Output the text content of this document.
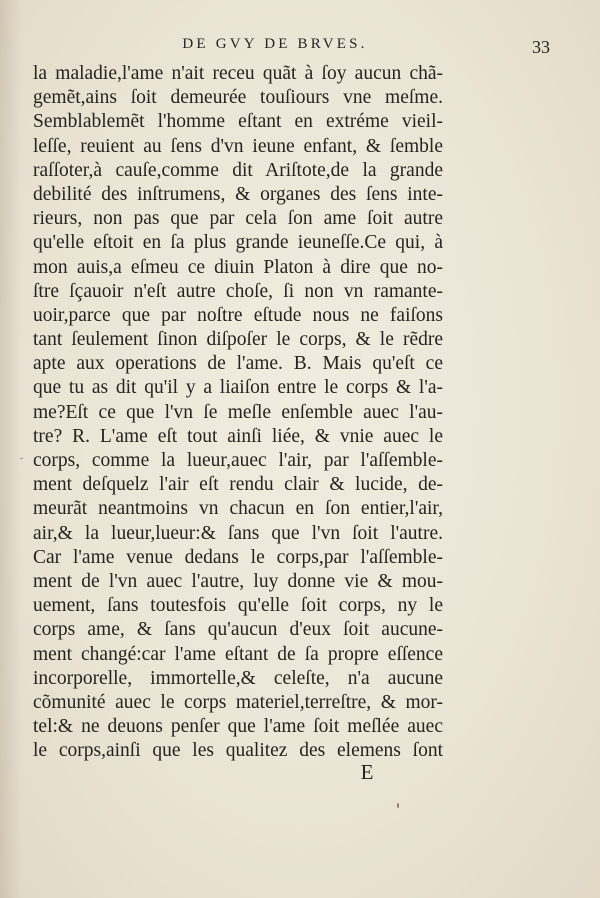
DE GVY DE BRVES.	33
la maladie,l'ame n'ait receu quãt à ſoy aucun chã-
gemẽt,ains ſoit demeurée touſiours vne meſme.
Semblablemẽt l'homme eſtant en extréme vieil-
leſſe, reuient au ſens d'vn ieune enfant, & ſemble
raſſoter,à cauſe,comme dit Ariſtote,de la grande
debilité des inſtrumens, & organes des ſens inte-
rieurs, non pas que par cela ſon ame ſoit autre
qu'elle eſtoit en ſa plus grande ieuneſſe.Ce qui, à
mon auis,a eſmeu ce diuin Platon à dire que no-
ſtre ſçauoir n'eſt autre choſe, ſi non vn ramante-
uoir,parce que par noſtre eſtude nous ne faiſons
tant ſeulement ſinon diſpoſer le corps, & le rẽdre
apte aux operations de l'ame. B. Mais qu'eſt ce
que tu as dit qu'il y a liaiſon entre le corps & l'a-
me?Eſt ce que l'vn ſe meſle enſemble auec l'au-
tre? R. L'ame eſt tout ainſi liée, & vnie auec le
corps, comme la lueur,auec l'air, par l'aſſemble-
ment deſquelz l'air eſt rendu clair & lucide, de-
meurãt neantmoins vn chacun en ſon entier,l'air,
air,& la lueur,lueur:& ſans que l'vn ſoit l'autre.
Car l'ame venue dedans le corps,par l'aſſemble-
ment de l'vn auec l'autre, luy donne vie & mou-
uement, ſans toutesfois qu'elle ſoit corps, ny le
corps ame, & ſans qu'aucun d'eux ſoit aucune-
ment changé:car l'ame eſtant de ſa propre eſſence
incorporelle, immortelle,& celeſte, n'a aucune
cõmunité auec le corps materiel,terreſtre, & mor-
tel:& ne deuons penſer que l'ame ſoit meſlée auec
le corps,ainſi que les qualitez des elemens ſont
E
